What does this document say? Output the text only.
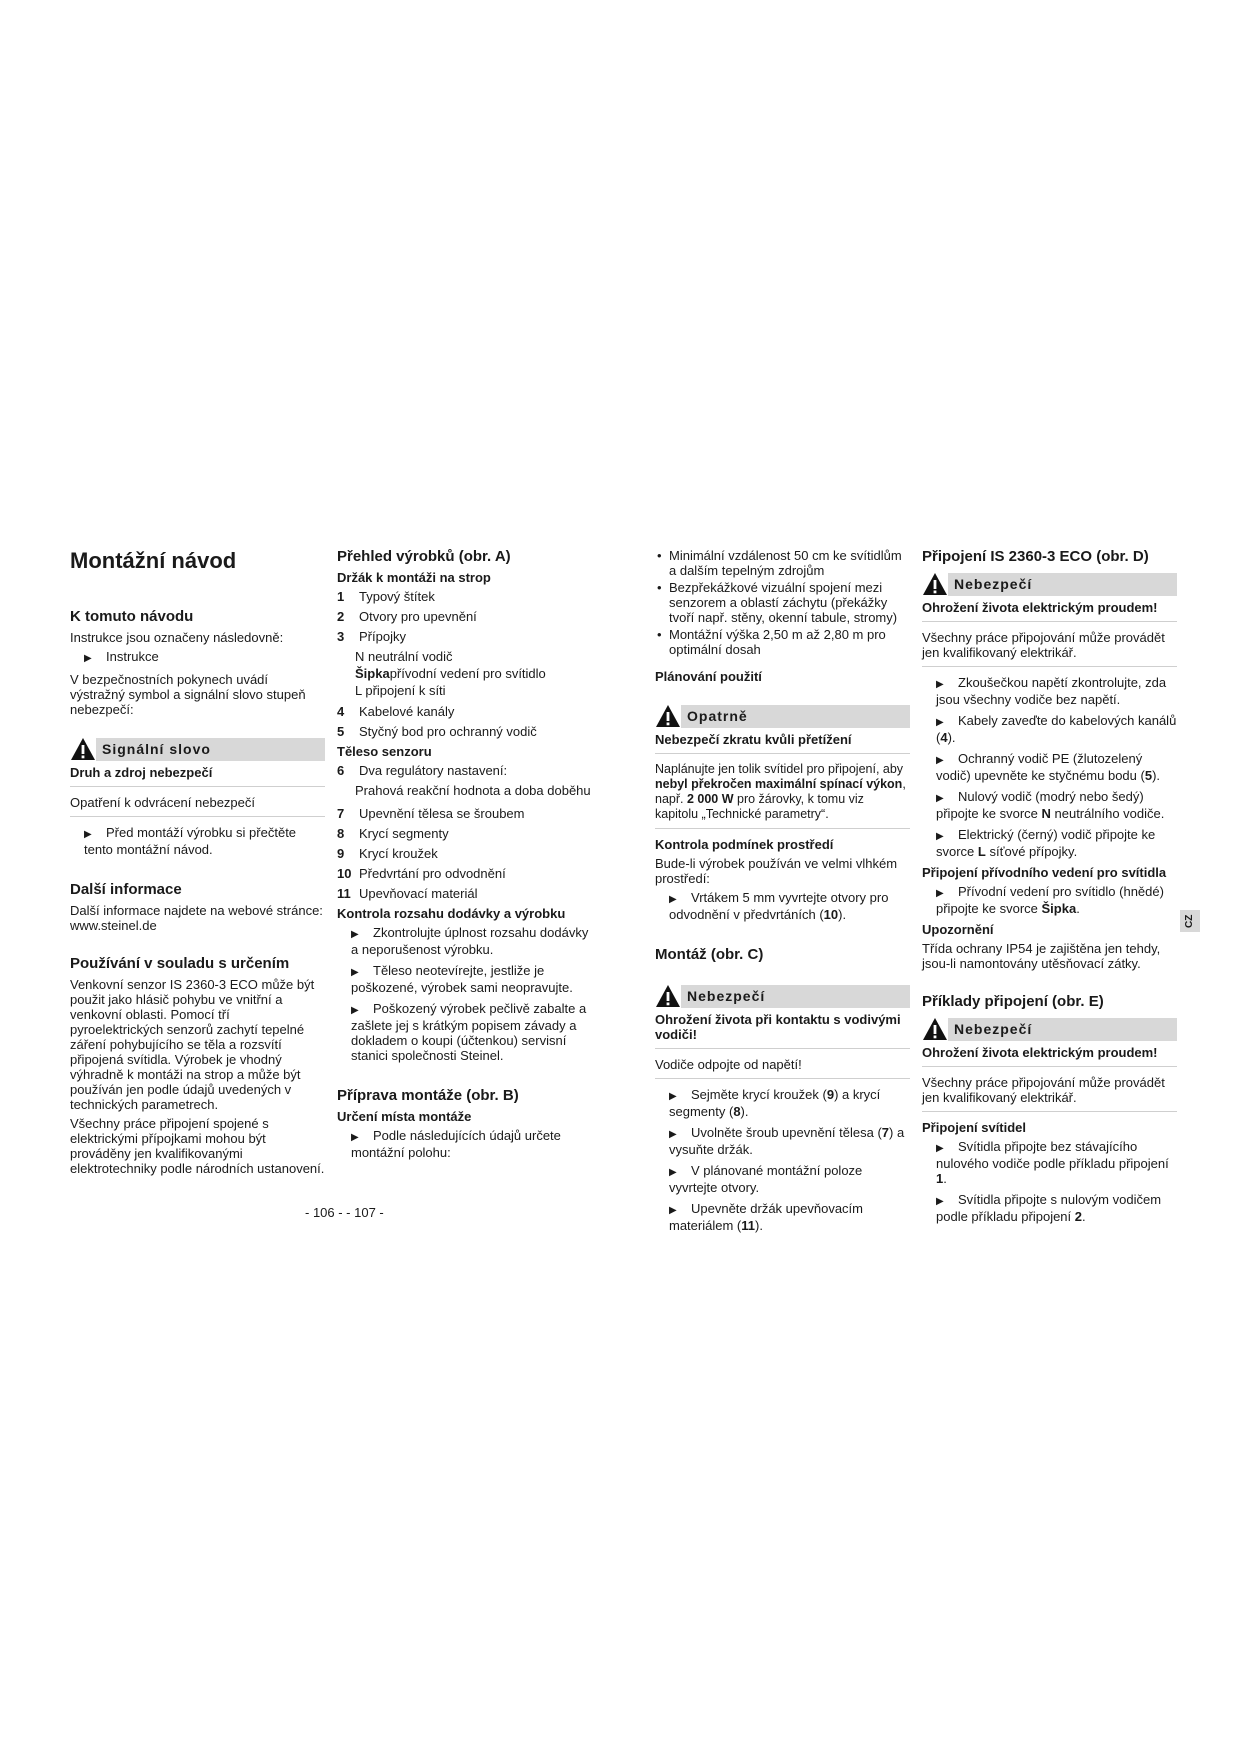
Montážní návod
K tomuto návodu

Instrukce jsou označeny následovně:

▶ Instrukce

V bezpečnostních pokynech uvádí výstražný symbol a signální slovo stupeň nebezpečí:

Signální slovo
Druh a zdroj nebezpečí

Opatření k odvrácení nebezpečí

▶ Před montáží výrobku si přečtěte tento montážní návod.
Další informace

Další informace najdete na webové stránce: www.steinel.de

Používání v souladu s určením

Venkovní senzor IS 2360-3 ECO může být použit jako hlásič pohybu ve vnitřní a venkovní oblasti. Pomocí tří pyroelektrických senzorů zachytí tepelné záření pohybujícího se těla a rozsvítí připojená svítidla. Výrobek je vhodný výhradně k montáži na strop a může být používán jen podle údajů uvedených v technických parametrech.

Všechny práce připojení spojené s elektrickými přípojkami mohou být prováděny jen kvalifikovanými elektrotechniky podle národních ustanovení.

Přehled výrobků (obr. A)
Držák k montáži na strop
1	Typový štítek
2	Otvory pro upevnění
3	Přípojky
N neutrální vodič
Šipkapřívodní vedení pro svítidlo
L připojení k síti
4	Kabelové kanály
5	Styčný bod pro ochranný vodič
Těleso senzoru
6	Dva regulátory nastavení:
Prahová reakční hodnota a doba doběhu
7	Upevnění tělesa se šroubem
8	Krycí segmenty
9	Krycí kroužek
10 Předvrtání pro odvodnění
11 Upevňovací materiál
Kontrola rozsahu dodávky a výrobku
▶ Zkontrolujte úplnost rozsahu dodávky a neporušenost výrobku.
▶ Těleso neotevírejte, jestliže je poškozené, výrobek sami neopravujte.
▶ Poškozený výrobek pečlivě zabalte a zašlete jej s krátkým popisem závady a dokladem o koupi (účtenkou) servisní stanici společnosti Steinel.
Příprava montáže (obr. B)
Určení místa montáže
▶ Podle následujících údajů určete montážní polohu:
• Minimální vzdálenost 50 cm ke svítidlům a dalším tepelným zdrojům
• Bezpřekážkové vizuální spojení mezi senzorem a oblastí záchytu (překážky tvoří např. stěny, okenní tabule, stromy)
• Montážní výška 2,50 m až 2,80 m pro optimální dosah
Plánování použití
Opatrně
Nebezpečí zkratu kvůli přetížení

Naplánujte jen tolik svítidel pro připojení, aby nebyl překročen maximální spínací výkon, např. 2 000 W pro žárovky, k tomu viz kapitolu „Technické parametry“.

Kontrola podmínek prostředí

Bude-li výrobek používán ve velmi vlhkém prostředí:

▶ Vrtákem 5 mm vyvrtejte otvory pro odvodnění v předvrtáních (10).
Montáž (obr. C)
Nebezpečí
Ohrožení života při kontaktu s vodivými vodiči!

Vodiče odpojte od napětí!

▶ Sejměte krycí kroužek (9) a krycí segmenty (8).
▶ Uvolněte šroub upevnění tělesa (7) a vysuňte držák.
▶ V plánované montážní poloze vyvrtejte otvory.
▶ Upevněte držák upevňovacím materiálem (11).
Připojení IS 2360-3 ECO (obr. D)
Nebezpečí
Ohrožení života elektrickým proudem!

Všechny práce připojování může provádět jen kvalifikovaný elektrikář.

▶ Zkoušečkou napětí zkontrolujte, zda jsou všechny vodiče bez napětí.
▶ Kabely zaveďte do kabelových kanálů (4).
▶ Ochranný vodič PE (žlutozelený vodič) upevněte ke styčnému bodu (5).
▶ Nulový vodič (modrý nebo šedý) připojte ke svorce N neutrálního vodiče.
▶ Elektrický (černý) vodič připojte ke svorce L síťové přípojky.
Připojení přívodního vedení pro svítidla
▶ Přívodní vedení pro svítidlo (hnědé) připojte ke svorce Šipka.
Upozornění

Třída ochrany IP54 je zajištěna jen tehdy, jsou-li namontovány utěsňovací zátky.

Příklady připojení (obr. E)
Nebezpečí
Ohrožení života elektrickým proudem!

Všechny práce připojování může provádět jen kvalifikovaný elektrikář.

Připojení svítidel
▶ Svítidla připojte bez stávajícího nulového vodiče podle příkladu připojení 1.
▶ Svítidla připojte s nulovým vodičem podle příkladu připojení 2.
CZ
- 106 - - 107 -
